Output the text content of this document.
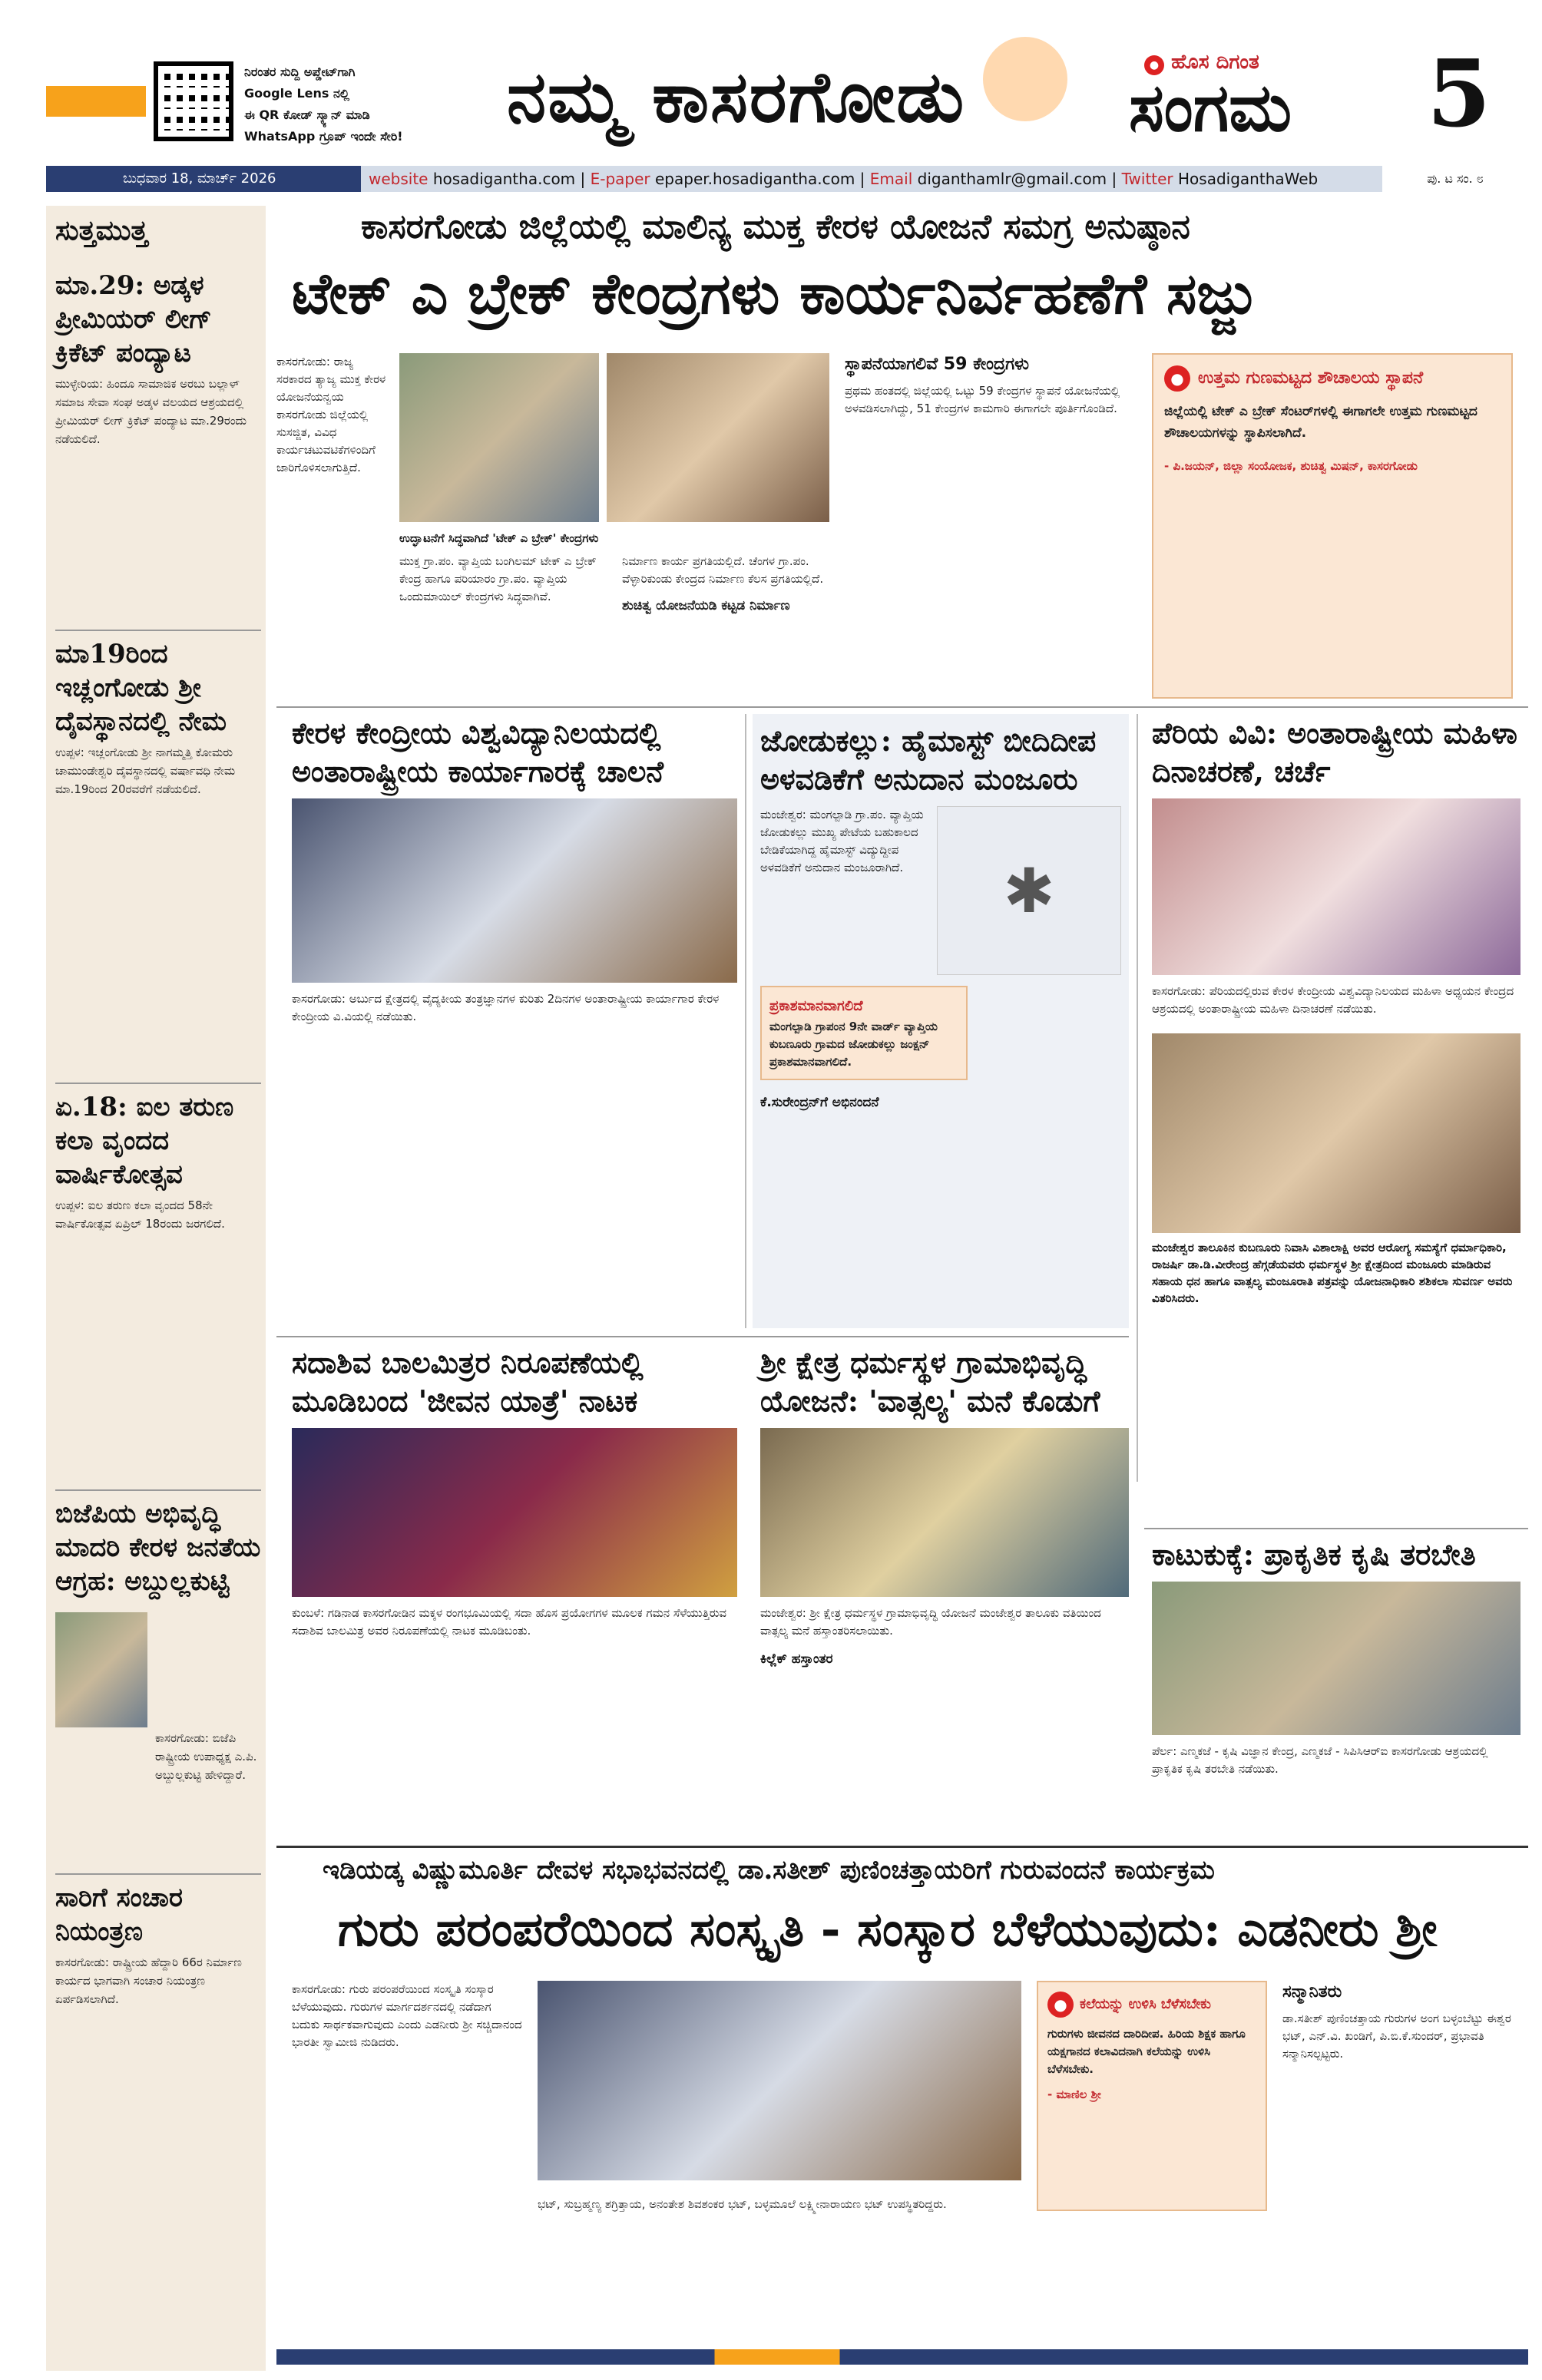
ನಿರಂತರ ಸುದ್ದಿ ಅಪ್ಡೇಟ್‌ಗಾಗಿ
Google Lens ನಲ್ಲಿ
ಈ QR ಕೋಡ್ ಸ್ಕ್ಯಾನ್ ಮಾಡಿ
WhatsApp ಗ್ರೂಪ್ ಇಂದೇ ಸೇರಿ!	ನಮ್ಮ ಕಾಸರಗೋಡು	● ಹೊಸ ದಿಗಂತ
ಸಂಗಮ 5
ಬುಧವಾರ 18, ಮಾರ್ಚ್ 2026	website hosadigantha.com | E-paper epaper.hosadigantha.com | Email diganthamlr@gmail.com | Twitter HosadiganthaWeb	ಪು. ಟ ಸಂ. ೮
ಸುತ್ತಮುತ್ತ
ಮಾ.29: ಅಡ್ಕಳ ಪ್ರೀಮಿಯರ್ ಲೀಗ್ ಕ್ರಿಕೆಟ್ ಪಂದ್ಯಾಟ
ಮುಳ್ಳೇರಿಯ: ಹಿಂದೂ ಸಾಮಾಜಿಕ ಅರಬು ಬಲ್ಲಾಳ್ ಸಮಾಜ ಸೇವಾ ಸಂಘ ಅಡ್ಕಳ ವಲಯದ ಆಶ್ರಯದಲ್ಲಿ ಪ್ರೀಮಿಯರ್ ಲೀಗ್ ಕ್ರಿಕೆಟ್ ಪಂದ್ಯಾಟ ಮಾ.29ರಂದು ನಡೆಯಲಿದೆ.
ಮಾ19ರಿಂದ ಇಚ್ಲಂಗೋಡು ಶ್ರೀ ದೈವಸ್ಥಾನದಲ್ಲಿ ನೇಮ
ಉಪ್ಪಳ: ಇಚ್ಲಂಗೋಡು ಶ್ರೀ ನಾಗಮ್ಮತ್ತಿ ಕೋಮರು ಚಾಮುಂಡೇಶ್ವರಿ ದೈವಸ್ಥಾನದಲ್ಲಿ ವರ್ಷಾವಧಿ ನೇಮ ಮಾ.19ರಿಂದ 20ರವರೆಗೆ ನಡೆಯಲಿದೆ.
ಏ.18: ಐಲ ತರುಣ ಕಲಾ ವೃಂದದ ವಾರ್ಷಿಕೋತ್ಸವ
ಉಪ್ಪಳ: ಐಲ ತರುಣ ಕಲಾ ವೃಂದದ 58ನೇ ವಾರ್ಷಿಕೋತ್ಸವ ಏಪ್ರಿಲ್ 18ರಂದು ಜರಗಲಿದೆ.
ಬಿಜೆಪಿಯ ಅಭಿವೃದ್ಧಿ ಮಾದರಿ ಕೇರಳ ಜನತೆಯ ಆಗ್ರಹ: ಅಬ್ದುಲ್ಲಕುಟ್ಟಿ
ಕಾಸರಗೋಡು: ಬಿಜೆಪಿ ರಾಷ್ಟ್ರೀಯ ಉಪಾಧ್ಯಕ್ಷ ಎ.ಪಿ. ಅಬ್ದುಲ್ಲಕುಟ್ಟಿ ಹೇಳಿದ್ದಾರೆ.
ಸಾರಿಗೆ ಸಂಚಾರ ನಿಯಂತ್ರಣ
ಕಾಸರಗೋಡು: ರಾಷ್ಟ್ರೀಯ ಹೆದ್ದಾರಿ 66ರ ನಿರ್ಮಾಣ ಕಾರ್ಯದ ಭಾಗವಾಗಿ ಸಂಚಾರ ನಿಯಂತ್ರಣ ಏರ್ಪಡಿಸಲಾಗಿದೆ.
ಕಾಸರಗೋಡು ಜಿಲ್ಲೆಯಲ್ಲಿ ಮಾಲಿನ್ಯ ಮುಕ್ತ ಕೇರಳ ಯೋಜನೆ ಸಮಗ್ರ ಅನುಷ್ಠಾನ
ಟೇಕ್ ಎ ಬ್ರೇಕ್ ಕೇಂದ್ರಗಳು ಕಾರ್ಯನಿರ್ವಹಣೆಗೆ ಸಜ್ಜು
ಕಾಸರಗೋಡು: ರಾಜ್ಯ ಸರಕಾರದ ತ್ಯಾಜ್ಯ ಮುಕ್ತ ಕೇರಳ ಯೋಜನೆಯನ್ವಯ ಕಾಸರಗೋಡು ಜಿಲ್ಲೆಯಲ್ಲಿ ಸುಸಜ್ಜಿತ, ವಿವಿಧ ಕಾರ್ಯಚಟುವಟಿಕೆಗಳಿಂದಿಗೆ ಜಾರಿಗೊಳಿಸಲಾಗುತ್ತಿದೆ.
ಉದ್ಘಾಟನೆಗೆ ಸಿದ್ಧವಾಗಿದೆ 'ಟೇಕ್ ಎ ಬ್ರೇಕ್' ಕೇಂದ್ರಗಳು
ಮುಕ್ತ ಗ್ರಾ.ಪಂ. ವ್ಯಾಪ್ತಿಯ ಬಂಗಿಲಮ್ ಟೇಕ್ ಎ ಬ್ರೇಕ್ ಕೇಂದ್ರ ಹಾಗೂ ಪರಿಯಾರಂ ಗ್ರಾ.ಪಂ. ವ್ಯಾಪ್ತಿಯ ಒಂದುಮಾಯಿಲ್ ಕೇಂದ್ರಗಳು ಸಿದ್ಧವಾಗಿವೆ.
ನಿರ್ಮಾಣ ಕಾರ್ಯ ಪ್ರಗತಿಯಲ್ಲಿದೆ. ಚೆಂಗಳ ಗ್ರಾ.ಪಂ. ವೆಳ್ಳಾರಿಕುಂಡು ಕೇಂದ್ರದ ನಿರ್ಮಾಣ ಕೆಲಸ ಪ್ರಗತಿಯಲ್ಲಿದೆ.
ಶುಚಿತ್ವ ಯೋಜನೆಯಡಿ ಕಟ್ಟಡ ನಿರ್ಮಾಣ
ಸ್ಥಾಪನೆಯಾಗಲಿವೆ 59 ಕೇಂದ್ರಗಳು
ಪ್ರಥಮ ಹಂತದಲ್ಲಿ ಜಿಲ್ಲೆಯಲ್ಲಿ ಒಟ್ಟು 59 ಕೇಂದ್ರಗಳ ಸ್ಥಾಪನೆ ಯೋಜನೆಯಲ್ಲಿ ಅಳವಡಿಸಲಾಗಿದ್ದು, 51 ಕೇಂದ್ರಗಳ ಕಾಮಗಾರಿ ಈಗಾಗಲೇ ಪೂರ್ತಿಗೊಂಡಿದೆ.
● ಉತ್ತಮ ಗುಣಮಟ್ಟದ ಶೌಚಾಲಯ ಸ್ಥಾಪನೆ
ಜಿಲ್ಲೆಯಲ್ಲಿ ಟೇಕ್ ಎ ಬ್ರೇಕ್ ಸೆಂಟರ್‌ಗಳಲ್ಲಿ ಈಗಾಗಲೇ ಉತ್ತಮ ಗುಣಮಟ್ಟದ ಶೌಚಾಲಯಗಳನ್ನು ಸ್ಥಾಪಿಸಲಾಗಿದೆ.
- ಪಿ.ಜಯನ್, ಜಿಲ್ಲಾ ಸಂಯೋಜಕ, ಶುಚಿತ್ವ ಮಿಷನ್, ಕಾಸರಗೋಡು
ಕೇರಳ ಕೇಂದ್ರೀಯ ವಿಶ್ವವಿದ್ಯಾನಿಲಯದಲ್ಲಿ ಅಂತಾರಾಷ್ಟ್ರೀಯ ಕಾರ್ಯಾಗಾರಕ್ಕೆ ಚಾಲನೆ
ಕಾಸರಗೋಡು: ಅರ್ಬುದ ಕ್ಷೇತ್ರದಲ್ಲಿ ವೈದ್ಯಕೀಯ ತಂತ್ರಜ್ಞಾನಗಳ ಕುರಿತು 2ದಿನಗಳ ಅಂತಾರಾಷ್ಟ್ರೀಯ ಕಾರ್ಯಾಗಾರ ಕೇರಳ ಕೇಂದ್ರೀಯ ವಿ.ವಿಯಲ್ಲಿ ನಡೆಯಿತು.
ಜೋಡುಕಲ್ಲು: ಹೈಮಾಸ್ಟ್ ಬೀದಿದೀಪ ಅಳವಡಿಕೆಗೆ ಅನುದಾನ ಮಂಜೂರು
ಮಂಜೇಶ್ವರ: ಮಂಗಲ್ಪಾಡಿ ಗ್ರಾ.ಪಂ. ವ್ಯಾಪ್ತಿಯ ಜೋಡುಕಲ್ಲು ಮುಖ್ಯ ಪೇಟೆಯ ಬಹುಕಾಲದ ಬೇಡಿಕೆಯಾಗಿದ್ದ ಹೈಮಾಸ್ಟ್ ವಿದ್ಯುದ್ದೀಪ ಅಳವಡಿಕೆಗೆ ಅನುದಾನ ಮಂಜೂರಾಗಿದೆ.	✱
ಪ್ರಕಾಶಮಾನವಾಗಲಿದೆ
ಮಂಗಲ್ಪಾಡಿ ಗ್ರಾಪಂನ 9ನೇ ವಾರ್ಡ್ ವ್ಯಾಪ್ತಿಯ ಕುಬಣೂರು ಗ್ರಾಮದ ಜೋಡುಕಲ್ಲು ಜಂಕ್ಷನ್ ಪ್ರಕಾಶಮಾನವಾಗಲಿದೆ.
ಕೆ.ಸುರೇಂದ್ರನ್‌ಗೆ ಅಭಿನಂದನೆ
ಪೆರಿಯ ವಿವಿ: ಅಂತಾರಾಷ್ಟ್ರೀಯ ಮಹಿಳಾ ದಿನಾಚರಣೆ, ಚರ್ಚೆ
ಕಾಸರಗೋಡು: ಪೆರಿಯದಲ್ಲಿರುವ ಕೇರಳ ಕೇಂದ್ರೀಯ ವಿಶ್ವವಿದ್ಯಾನಿಲಯದ ಮಹಿಳಾ ಅಧ್ಯಯನ ಕೇಂದ್ರದ ಆಶ್ರಯದಲ್ಲಿ ಅಂತಾರಾಷ್ಟ್ರೀಯ ಮಹಿಳಾ ದಿನಾಚರಣೆ ನಡೆಯಿತು.
ಮಂಜೇಶ್ವರ ತಾಲೂಕಿನ ಕುಬಣೂರು ನಿವಾಸಿ ವಿಶಾಲಾಕ್ಷಿ ಅವರ ಆರೋಗ್ಯ ಸಮಸ್ಯೆಗೆ ಧರ್ಮಾಧಿಕಾರಿ, ರಾಜರ್ಷಿ ಡಾ.ಡಿ.ವೀರೇಂದ್ರ ಹೆಗ್ಗಡೆಯವರು ಧರ್ಮಸ್ಥಳ ಶ್ರೀ ಕ್ಷೇತ್ರದಿಂದ ಮಂಜೂರು ಮಾಡಿರುವ ಸಹಾಯ ಧನ ಹಾಗೂ ವಾತ್ಸಲ್ಯ ಮಂಜೂರಾತಿ ಪತ್ರವನ್ನು ಯೋಜನಾಧಿಕಾರಿ ಶಶಿಕಲಾ ಸುವರ್ಣ ಅವರು ವಿತರಿಸಿದರು.
ಸದಾಶಿವ ಬಾಲಮಿತ್ರರ ನಿರೂಪಣೆಯಲ್ಲಿ ಮೂಡಿಬಂದ 'ಜೀವನ ಯಾತ್ರೆ' ನಾಟಕ
ಕುಂಬಳೆ: ಗಡಿನಾಡ ಕಾಸರಗೋಡಿನ ಮಕ್ಕಳ ರಂಗಭೂಮಿಯಲ್ಲಿ ಸದಾ ಹೊಸ ಪ್ರಯೋಗಗಳ ಮೂಲಕ ಗಮನ ಸೆಳೆಯುತ್ತಿರುವ ಸದಾಶಿವ ಬಾಲಮಿತ್ರ ಅವರ ನಿರೂಪಣೆಯಲ್ಲಿ ನಾಟಕ ಮೂಡಿಬಂತು.
ಶ್ರೀ ಕ್ಷೇತ್ರ ಧರ್ಮಸ್ಥಳ ಗ್ರಾಮಾಭಿವೃದ್ಧಿ ಯೋಜನೆ: 'ವಾತ್ಸಲ್ಯ' ಮನೆ ಕೊಡುಗೆ
ಮಂಜೇಶ್ವರ: ಶ್ರೀ ಕ್ಷೇತ್ರ ಧರ್ಮಸ್ಥಳ ಗ್ರಾಮಾಭಿವೃದ್ಧಿ ಯೋಜನೆ ಮಂಜೇಶ್ವರ ತಾಲೂಕು ವತಿಯಿಂದ ವಾತ್ಸಲ್ಯ ಮನೆ ಹಸ್ತಾಂತರಿಸಲಾಯಿತು.
ಕಿಲ್ಲೆಕ್ ಹಸ್ತಾಂತರ
ಕಾಟುಕುಕ್ಕೆ: ಪ್ರಾಕೃತಿಕ ಕೃಷಿ ತರಬೇತಿ
ಪೆರ್ಲ: ಎಣ್ಮಕಜೆ - ಕೃಷಿ ವಿಜ್ಞಾನ ಕೇಂದ್ರ, ಎಣ್ಮಕಜೆ - ಸಿಪಿಸಿಆರ್‌ಐ ಕಾಸರಗೋಡು ಆಶ್ರಯದಲ್ಲಿ ಪ್ರಾಕೃತಿಕ ಕೃಷಿ ತರಬೇತಿ ನಡೆಯಿತು.
ಇಡಿಯಡ್ಕ ವಿಷ್ಣುಮೂರ್ತಿ ದೇವಳ ಸಭಾಭವನದಲ್ಲಿ ಡಾ.ಸತೀಶ್ ಪುಣಿಂಚತ್ತಾಯರಿಗೆ ಗುರುವಂದನೆ ಕಾರ್ಯಕ್ರಮ
ಗುರು ಪರಂಪರೆಯಿಂದ ಸಂಸ್ಕೃತಿ - ಸಂಸ್ಕಾರ ಬೆಳೆಯುವುದು: ಎಡನೀರು ಶ್ರೀ
ಕಾಸರಗೋಡು: ಗುರು ಪರಂಪರೆಯಿಂದ ಸಂಸ್ಕೃತಿ ಸಂಸ್ಕಾರ ಬೆಳೆಯುವುದು. ಗುರುಗಳ ಮಾರ್ಗದರ್ಶನದಲ್ಲಿ ನಡೆದಾಗ ಬದುಕು ಸಾರ್ಥಕವಾಗುವುದು ಎಂದು ಎಡನೀರು ಶ್ರೀ ಸಚ್ಚಿದಾನಂದ ಭಾರತೀ ಸ್ವಾಮೀಜಿ ನುಡಿದರು.
ಭಟ್, ಸುಬ್ರಹ್ಮಣ್ಯ ಶಗ್ರಿತ್ತಾಯ, ಅನಂತೇಶ ಶಿವಶಂಕರ ಭಟ್, ಬಳ್ಳಮೂಲೆ ಲಕ್ಷ್ಮೀನಾರಾಯಣ ಭಟ್ ಉಪಸ್ಥಿತರಿದ್ದರು.
● ಕಲೆಯನ್ನು ಉಳಿಸಿ ಬೆಳೆಸಬೇಕು
ಗುರುಗಳು ಜೀವನದ ದಾರಿದೀಪ. ಹಿರಿಯ ಶಿಕ್ಷಕ ಹಾಗೂ ಯಕ್ಷಗಾನದ ಕಲಾವಿದನಾಗಿ ಕಲೆಯನ್ನು ಉಳಿಸಿ ಬೆಳೆಸಬೇಕು.
- ಮಾಣಿಲ ಶ್ರೀ
ಸನ್ಮಾನಿತರು
ಡಾ.ಸತೀಶ್ ಪುಣಿಂಚತ್ತಾಯ ಗುರುಗಳ ಅಂಗ ಬಳ್ಳಂಬೆಟ್ಟು ಈಶ್ವರ ಭಟ್, ಎನ್.ವಿ. ಖಂಡಿಗೆ, ಪಿ.ಬಿ.ಕೆ.ಸುಂದರ್, ಪ್ರಭಾವತಿ ಸನ್ಮಾನಿಸಲ್ಪಟ್ಟರು.
